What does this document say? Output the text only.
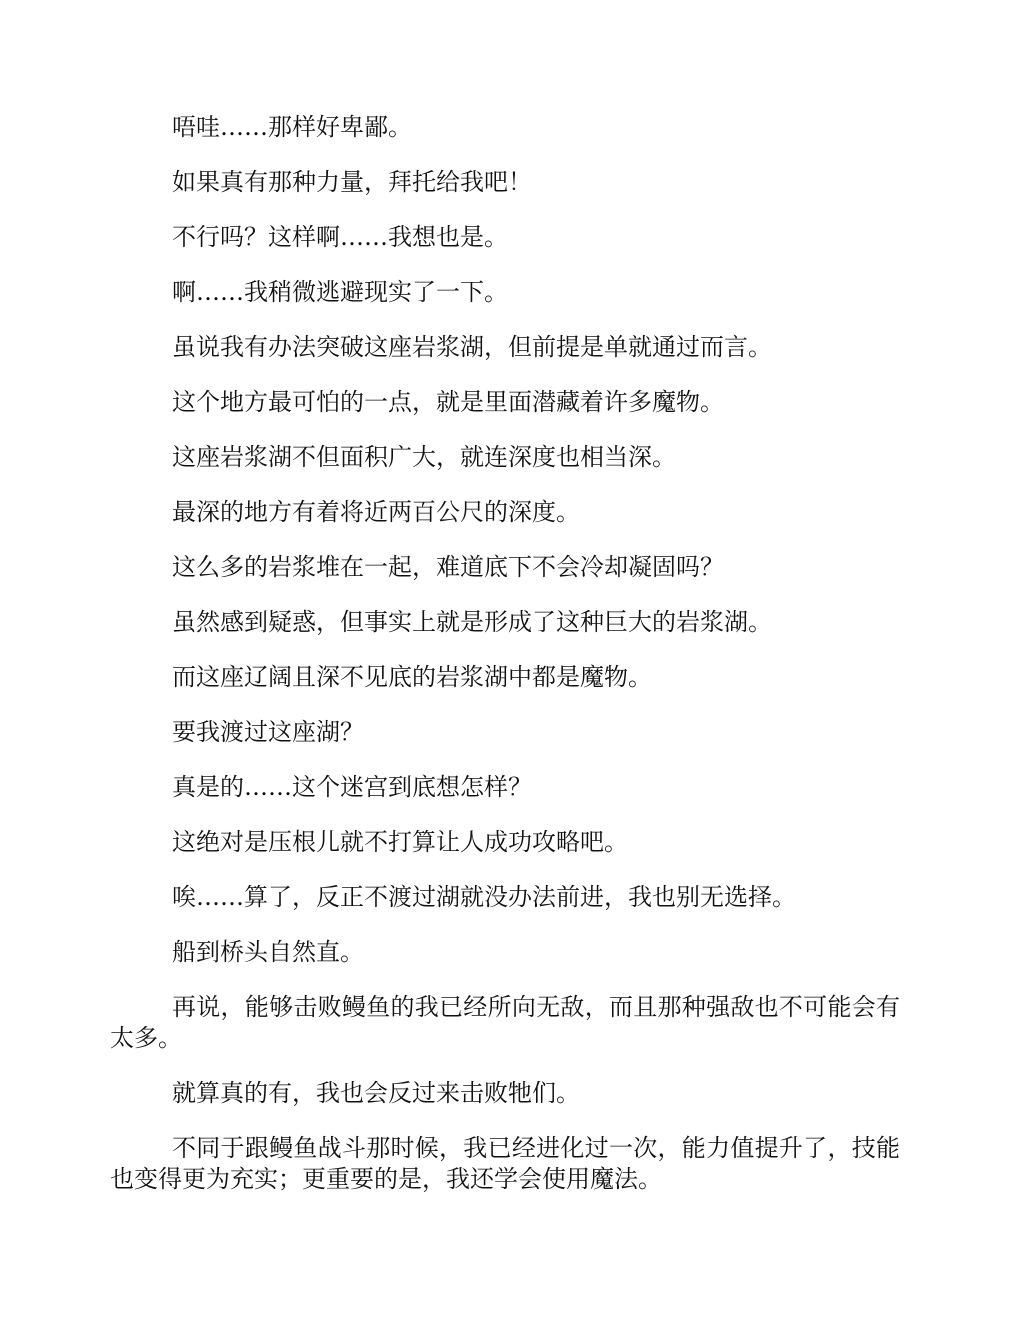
唔哇……那样好卑鄙。

如果真有那种力量，拜托给我吧！

不行吗？这样啊……我想也是。

啊……我稍微逃避现实了一下。

虽说我有办法突破这座岩浆湖，但前提是单就通过而言。

这个地方最可怕的一点，就是里面潜藏着许多魔物。

这座岩浆湖不但面积广大，就连深度也相当深。

最深的地方有着将近两百公尺的深度。

这么多的岩浆堆在一起，难道底下不会冷却凝固吗？

虽然感到疑惑，但事实上就是形成了这种巨大的岩浆湖。

而这座辽阔且深不见底的岩浆湖中都是魔物。

要我渡过这座湖？

真是的……这个迷宫到底想怎样？

这绝对是压根儿就不打算让人成功攻略吧。

唉……算了，反正不渡过湖就没办法前进，我也别无选择。

船到桥头自然直。

再说，能够击败鳗鱼的我已经所向无敌，而且那种强敌也不可能会有太多。

就算真的有，我也会反过来击败牠们。

不同于跟鳗鱼战斗那时候，我已经进化过一次，能力值提升了，技能也变得更为充实；更重要的是，我还学会使用魔法。
